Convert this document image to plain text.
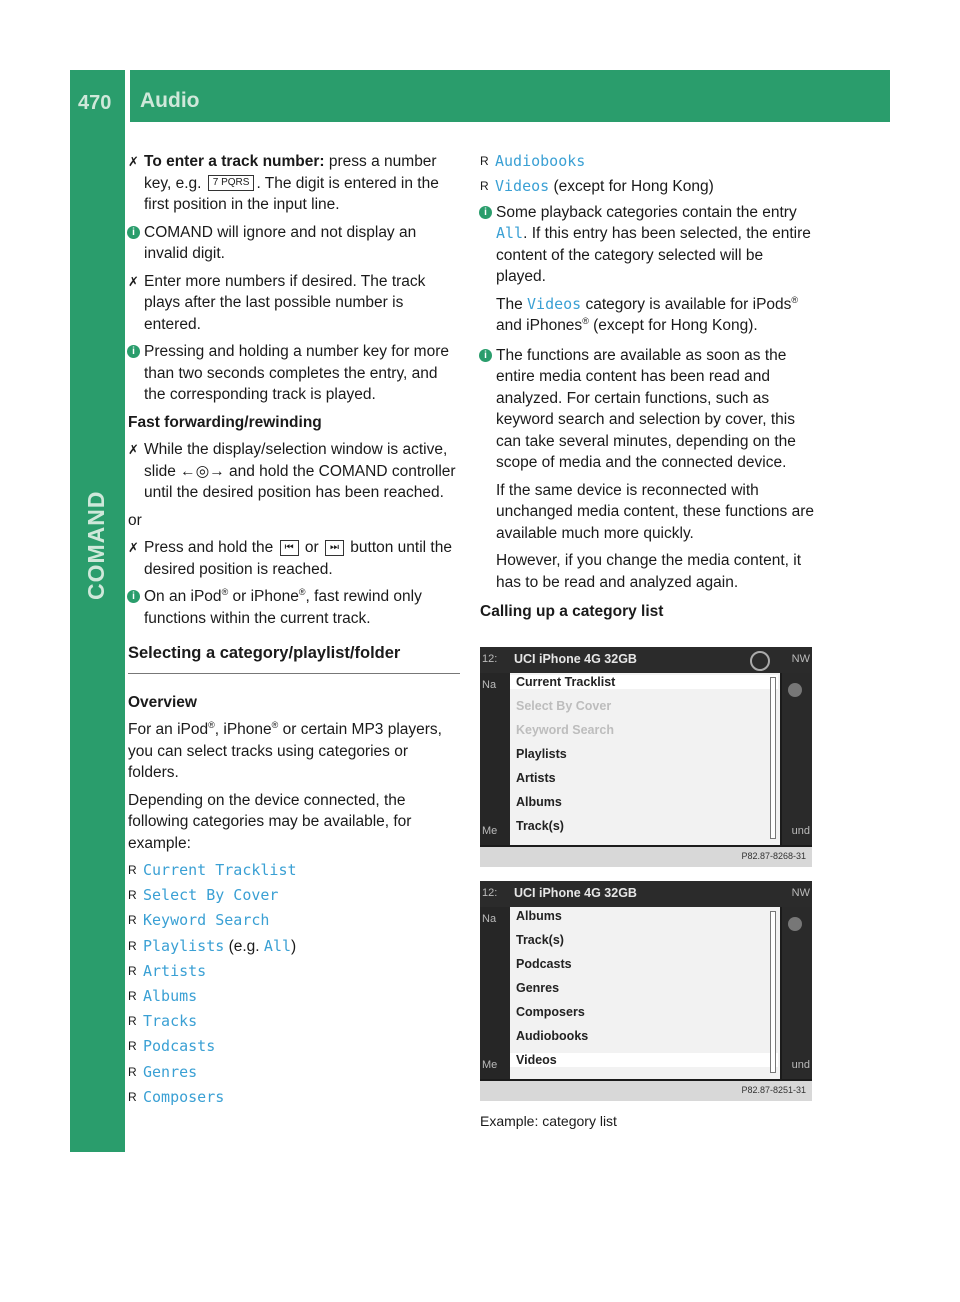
470 Audio
COMAND
✗ To enter a track number: press a number key, e.g. 7 PQRS . The digit is entered in the first position in the input line.
i COMAND will ignore and not display an invalid digit.
✗ Enter more numbers if desired. The track plays after the last possible number is entered.
i Pressing and holding a number key for more than two seconds completes the entry, and the corresponding track is played.
Fast forwarding/rewinding
✗ While the display/selection window is active, slide ←◎→ and hold the COMAND controller until the desired position has been reached.
or
✗ Press and hold the ⏮ or ⏭ button until the desired position is reached.
i On an iPod® or iPhone®, fast rewind only functions within the current track.
Selecting a category/playlist/folder
Overview
For an iPod®, iPhone® or certain MP3 players, you can select tracks using categories or folders.
Depending on the device connected, the following categories may be available, for example:
R Current Tracklist
R Select By Cover
R Keyword Search
R Playlists (e.g. All)
R Artists
R Albums
R Tracks
R Podcasts
R Genres
R Composers
R Audiobooks
R Videos (except for Hong Kong)
i Some playback categories contain the entry All. If this entry has been selected, the entire content of the category selected will be played.
The Videos category is available for iPods® and iPhones® (except for Hong Kong).
i The functions are available as soon as the entire media content has been read and analyzed. For certain functions, such as keyword search and selection by cover, this can take several minutes, depending on the scope of media and the connected device.
If the same device is reconnected with unchanged media content, these functions are available much more quickly.
However, if you change the media content, it has to be read and analyzed again.
Calling up a category list
12: UCI iPhone 4G 32GB	NW
Na
Me	und
Current Tracklist
Select By Cover
Keyword Search
Playlists
Artists
Albums
Track(s)
P82.87-8268-31
12: UCI iPhone 4G 32GB	NW
Na
Me	und
Albums
Track(s)
Podcasts
Genres
Composers
Audiobooks
Videos
P82.87-8251-31
Example: category list
